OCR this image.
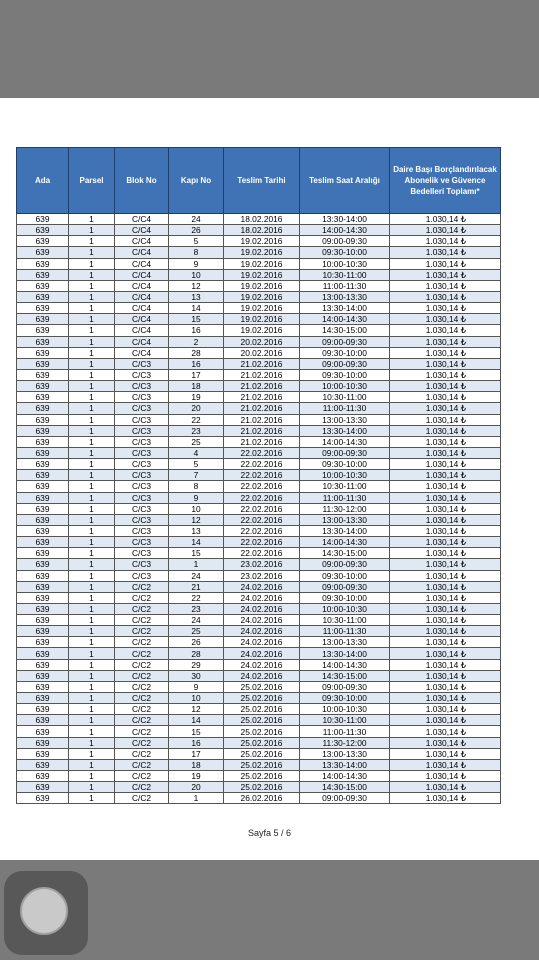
Ada	Parsel	Blok No	Kapı No	Teslim Tarihi	Teslim Saat Aralığı	Daire Başı Borçlandırılacak Abonelik ve Güvence Bedelleri Toplamı*
639	1	C/C4	24	18.02.2016	13:30-14:00	1.030,14 ₺
639	1	C/C4	26	18.02.2016	14:00-14:30	1.030,14 ₺
639	1	C/C4	5	19.02.2016	09:00-09:30	1.030,14 ₺
639	1	C/C4	8	19.02.2016	09:30-10:00	1.030,14 ₺
639	1	C/C4	9	19.02.2016	10:00-10:30	1.030,14 ₺
639	1	C/C4	10	19.02.2016	10:30-11:00	1.030,14 ₺
639	1	C/C4	12	19.02.2016	11:00-11:30	1.030,14 ₺
639	1	C/C4	13	19.02.2016	13:00-13:30	1.030,14 ₺
639	1	C/C4	14	19.02.2016	13:30-14:00	1.030,14 ₺
639	1	C/C4	15	19.02.2016	14:00-14:30	1.030,14 ₺
639	1	C/C4	16	19.02.2016	14:30-15:00	1.030,14 ₺
639	1	C/C4	2	20.02.2016	09:00-09:30	1.030,14 ₺
639	1	C/C4	28	20.02.2016	09:30-10:00	1.030,14 ₺
639	1	C/C3	16	21.02.2016	09:00-09:30	1.030,14 ₺
639	1	C/C3	17	21.02.2016	09:30-10:00	1.030,14 ₺
639	1	C/C3	18	21.02.2016	10:00-10:30	1.030,14 ₺
639	1	C/C3	19	21.02.2016	10:30-11:00	1.030,14 ₺
639	1	C/C3	20	21.02.2016	11:00-11:30	1.030,14 ₺
639	1	C/C3	22	21.02.2016	13:00-13:30	1.030,14 ₺
639	1	C/C3	23	21.02.2016	13:30-14:00	1.030,14 ₺
639	1	C/C3	25	21.02.2016	14:00-14:30	1.030,14 ₺
639	1	C/C3	4	22.02.2016	09:00-09:30	1.030,14 ₺
639	1	C/C3	5	22.02.2016	09:30-10:00	1.030,14 ₺
639	1	C/C3	7	22.02.2016	10:00-10:30	1.030,14 ₺
639	1	C/C3	8	22.02.2016	10:30-11:00	1.030,14 ₺
639	1	C/C3	9	22.02.2016	11:00-11:30	1.030,14 ₺
639	1	C/C3	10	22.02.2016	11:30-12:00	1.030,14 ₺
639	1	C/C3	12	22.02.2016	13:00-13:30	1.030,14 ₺
639	1	C/C3	13	22.02.2016	13:30-14:00	1.030,14 ₺
639	1	C/C3	14	22.02.2016	14:00-14:30	1.030,14 ₺
639	1	C/C3	15	22.02.2016	14:30-15:00	1.030,14 ₺
639	1	C/C3	1	23.02.2016	09:00-09:30	1.030,14 ₺
639	1	C/C3	24	23.02.2016	09:30-10:00	1.030,14 ₺
639	1	C/C2	21	24.02.2016	09:00-09:30	1.030,14 ₺
639	1	C/C2	22	24.02.2016	09:30-10:00	1.030,14 ₺
639	1	C/C2	23	24.02.2016	10:00-10:30	1.030,14 ₺
639	1	C/C2	24	24.02.2016	10:30-11:00	1.030,14 ₺
639	1	C/C2	25	24.02.2016	11:00-11:30	1.030,14 ₺
639	1	C/C2	26	24.02.2016	13:00-13:30	1.030,14 ₺
639	1	C/C2	28	24.02.2016	13:30-14:00	1.030,14 ₺
639	1	C/C2	29	24.02.2016	14:00-14:30	1.030,14 ₺
639	1	C/C2	30	24.02.2016	14:30-15:00	1.030,14 ₺
639	1	C/C2	9	25.02.2016	09:00-09:30	1.030,14 ₺
639	1	C/C2	10	25.02.2016	09:30-10:00	1.030,14 ₺
639	1	C/C2	12	25.02.2016	10:00-10:30	1.030,14 ₺
639	1	C/C2	14	25.02.2016	10:30-11:00	1.030,14 ₺
639	1	C/C2	15	25.02.2016	11:00-11:30	1.030,14 ₺
639	1	C/C2	16	25.02.2016	11:30-12:00	1.030,14 ₺
639	1	C/C2	17	25.02.2016	13:00-13:30	1.030,14 ₺
639	1	C/C2	18	25.02.2016	13:30-14:00	1.030,14 ₺
639	1	C/C2	19	25.02.2016	14:00-14:30	1.030,14 ₺
639	1	C/C2	20	25.02.2016	14:30-15:00	1.030,14 ₺
639	1	C/C2	1	26.02.2016	09:00-09:30	1.030,14 ₺
Sayfa 5 / 6
